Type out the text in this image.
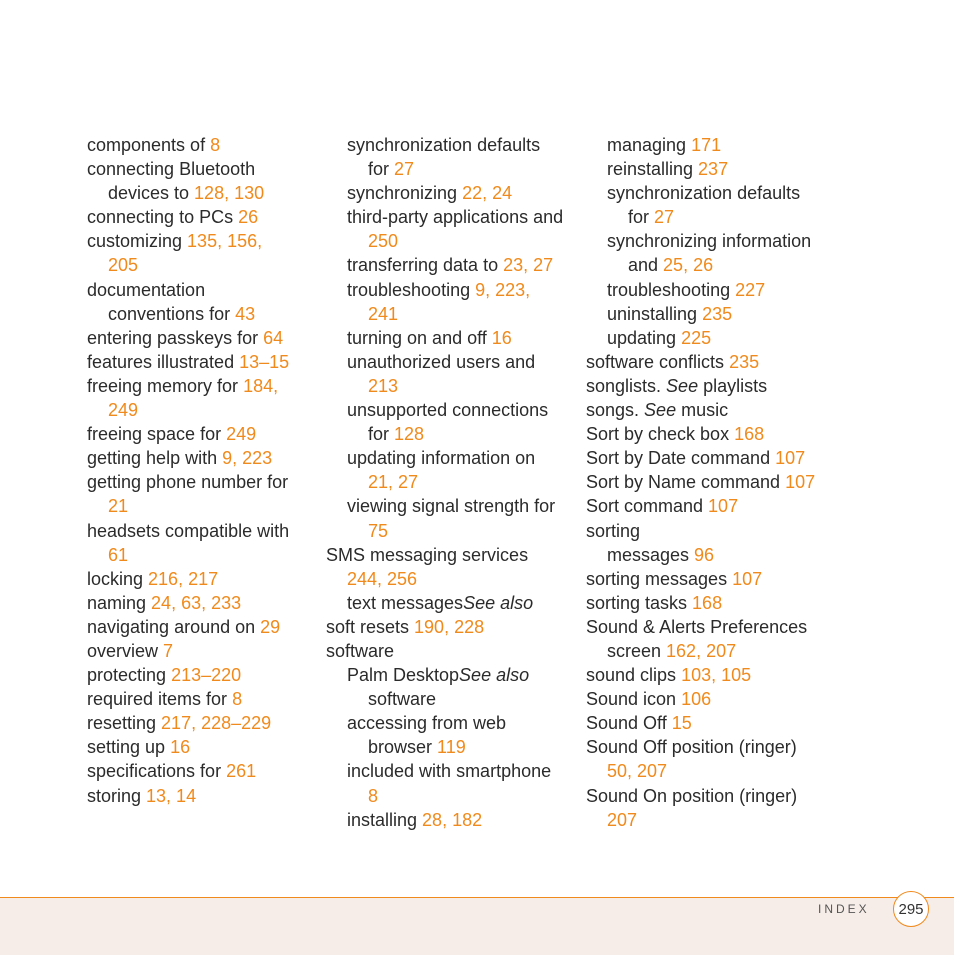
components of 8
connecting Bluetooth
devices to 128, 130
connecting to PCs 26
customizing 135, 156,
205
documentation
conventions for 43
entering passkeys for 64
features illustrated 13–15
freeing memory for 184,
249
freeing space for 249
getting help with 9, 223
getting phone number for
21
headsets compatible with
61
locking 216, 217
naming 24, 63, 233
navigating around on 29
overview 7
protecting 213–220
required items for 8
resetting 217, 228–229
setting up 16
specifications for 261
storing 13, 14
synchronization defaults
for 27
synchronizing 22, 24
third-party applications and
250
transferring data to 23, 27
troubleshooting 9, 223,
241
turning on and off 16
unauthorized users and
213
unsupported connections
for 128
updating information on
21, 27
viewing signal strength for
75
SMS messaging services
244, 256
text messagesSee also
soft resets 190, 228
software
Palm DesktopSee also
software
accessing from web
browser 119
included with smartphone
8
installing 28, 182
managing 171
reinstalling 237
synchronization defaults
for 27
synchronizing information
and 25, 26
troubleshooting 227
uninstalling 235
updating 225
software conflicts 235
songlists. See playlists
songs. See music
Sort by check box 168
Sort by Date command 107
Sort by Name command 107
Sort command 107
sorting
messages 96
sorting messages 107
sorting tasks 168
Sound & Alerts Preferences
screen 162, 207
sound clips 103, 105
Sound icon 106
Sound Off 15
Sound Off position (ringer)
50, 207
Sound On position (ringer)
207
INDEX 295
